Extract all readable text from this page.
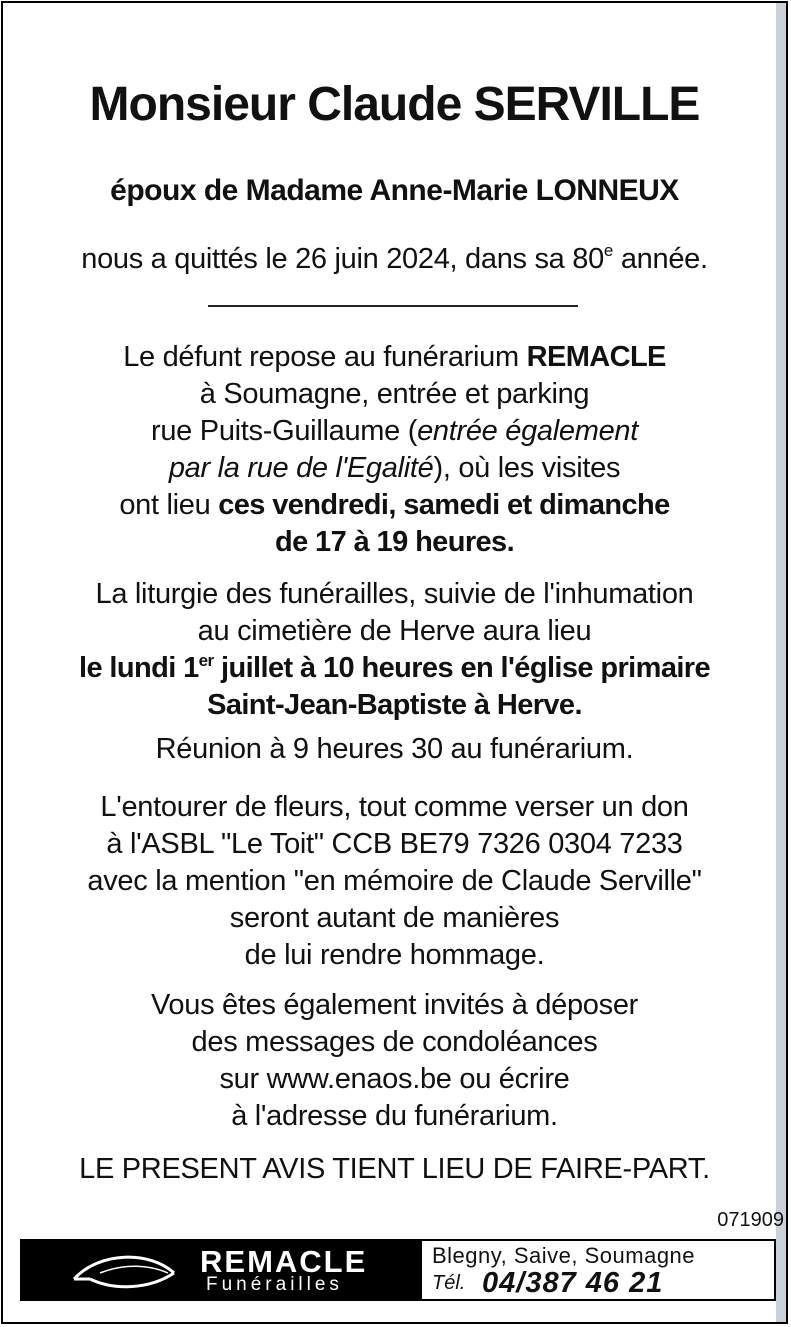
Monsieur Claude SERVILLE
époux de Madame Anne-Marie LONNEUX
nous a quittés le 26 juin 2024, dans sa 80e année.
Le défunt repose au funérarium REMACLE
à Soumagne, entrée et parking
rue Puits-Guillaume (entrée également
par la rue de l'Egalité), où les visites
ont lieu ces vendredi, samedi et dimanche
de 17 à 19 heures.
La liturgie des funérailles, suivie de l'inhumation
au cimetière de Herve aura lieu
le lundi 1er juillet à 10 heures en l'église primaire
Saint-Jean-Baptiste à Herve.
Réunion à 9 heures 30 au funérarium.
L'entourer de fleurs, tout comme verser un don
à l'ASBL "Le Toit" CCB BE79 7326 0304 7233
avec la mention "en mémoire de Claude Serville"
seront autant de manières
de lui rendre hommage.
Vous êtes également invités à déposer
des messages de condoléances
sur www.enaos.be ou écrire
à l'adresse du funérarium.
LE PRESENT AVIS TIENT LIEU DE FAIRE-PART.
071909
REMACLE
Funérailles
Blegny, Saive, Soumagne
Tél. 04/387 46 21
